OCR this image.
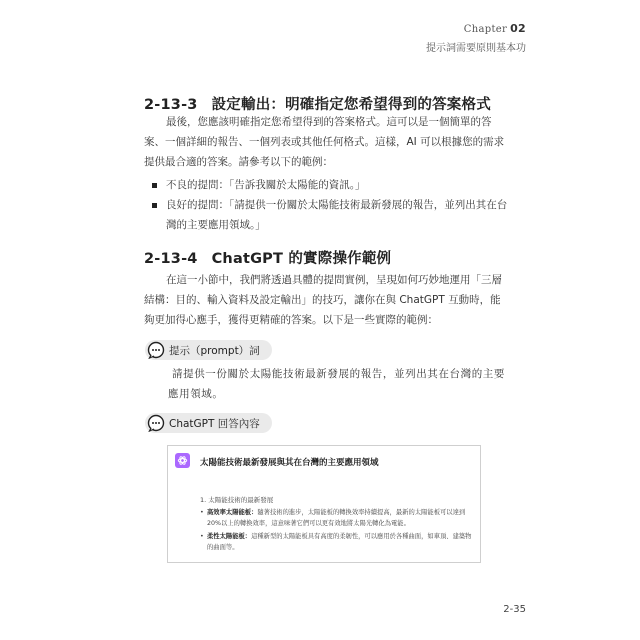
Chapter 02
提示詞需要原則基本功
2-13-3 設定輸出：明確指定您希望得到的答案格式
最後，您應該明確指定您希望得到的答案格式。這可以是一個簡單的答案、一個詳細的報告、一個列表或其他任何格式。這樣，AI 可以根據您的需求提供最合適的答案。請參考以下的範例：
不良的提問：「告訴我關於太陽能的資訊。」
良好的提問：「請提供一份關於太陽能技術最新發展的報告，並列出其在台灣的主要應用領域。」
2-13-4 ChatGPT 的實際操作範例
在這一小節中，我們將透過具體的提問實例，呈現如何巧妙地運用「三層結構：目的、輸入資料及設定輸出」的技巧，讓你在與 ChatGPT 互動時，能夠更加得心應手，獲得更精確的答案。以下是一些實際的範例：
提示（prompt）詞
請提供一份關於太陽能技術最新發展的報告，並列出其在台灣的主要應用領域。
ChatGPT 回答內容
太陽能技術最新發展與其在台灣的主要應用領域
1. 太陽能技術的最新發展
• 高效率太陽能板：隨著技術的進步，太陽能板的轉換效率持續提高，最新的太陽能板可以達到20%以上的轉換效率，這意味著它們可以更有效地將太陽光轉化為電能。
• 柔性太陽能板：這種新型的太陽能板具有高度的柔韌性，可以應用於各種曲面，如車頂、建築物的曲面等。
2-35
